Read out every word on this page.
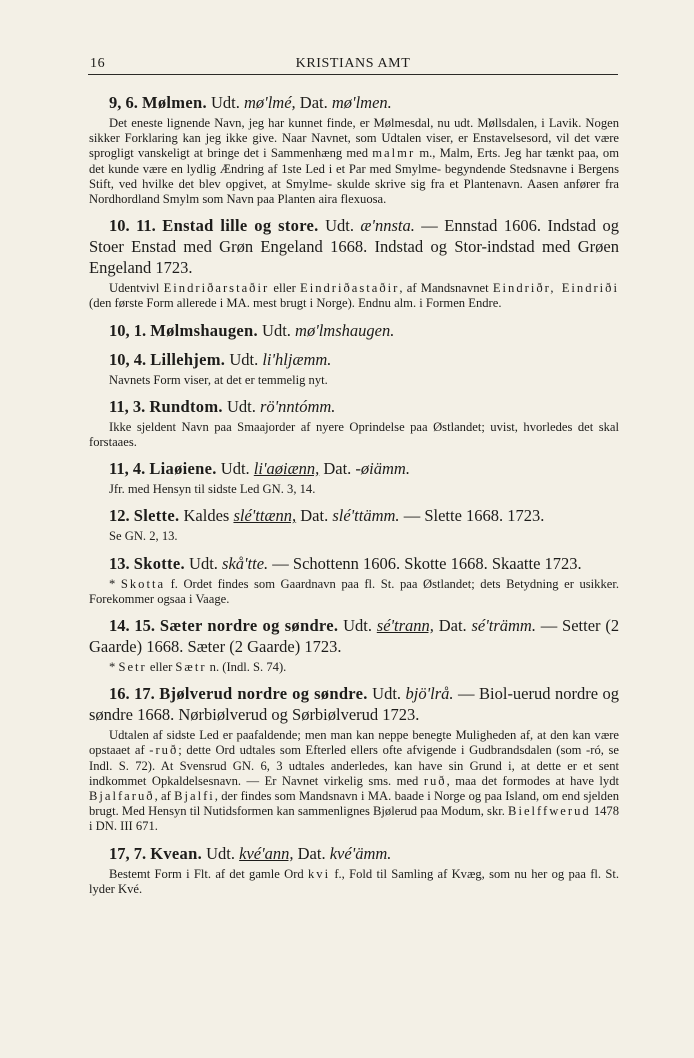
16	KRISTIANS AMT
9, 6. Mølmen. Udt. mø'lmé, Dat. mø'lmen.
Det eneste lignende Navn, jeg har kunnet finde, er Mølmesdal, nu udt. Møllsdalen, i Lavik. Nogen sikker Forklaring kan jeg ikke give. Naar Navnet, som Udtalen viser, er Enstavelsesord, vil det være sprogligt vanskeligt at bringe det i Sammenhæng med malmr m., Malm, Erts. Jeg har tænkt paa, om det kunde være en lydlig Ændring af 1ste Led i et Par med Smylme- begyndende Stedsnavne i Bergens Stift, ved hvilke det blev opgivet, at Smylme- skulde skrive sig fra et Plantenavn. Aasen anfører fra Nordhordland Smylm som Navn paa Planten aira flexuosa.
10. 11. Enstad lille og store. Udt. æ'nnsta. — Ennstad 1606. Indstad og Stoer Enstad med Grøn Engeland 1668. Indstad og Stor-indstad med Grøen Engeland 1723.
Udentvivl Eindriðarstaðir eller Eindriðastaðir, af Mandsnavnet Eindriðr, Eindriði (den første Form allerede i MA. mest brugt i Norge). Endnu alm. i Formen Endre.
10, 1. Mølmshaugen. Udt. mø'lmshaugen.
10, 4. Lillehjem. Udt. li'hljæmm.
Navnets Form viser, at det er temmelig nyt.
11, 3. Rundtom. Udt. rö'nntómm.
Ikke sjeldent Navn paa Smaajorder af nyere Oprindelse paa Østlandet; uvist, hvorledes det skal forstaaes.
11, 4. Liaøiene. Udt. li'aøiænn, Dat. -øiämm.
Jfr. med Hensyn til sidste Led GN. 3, 14.
12. Slette. Kaldes slé'ttænn, Dat. slé'ttämm. — Slette 1668. 1723.
Se GN. 2, 13.
13. Skotte. Udt. skå'tte. — Schottenn 1606. Skotte 1668. Skaatte 1723.
* Skotta f. Ordet findes som Gaardnavn paa fl. St. paa Østlandet; dets Betydning er usikker. Forekommer ogsaa i Vaage.
14. 15. Sæter nordre og søndre. Udt. sé'trann, Dat. sé'trämm. — Setter (2 Gaarde) 1668. Sæter (2 Gaarde) 1723.
* Setr eller Sætr n. (Indl. S. 74).
16. 17. Bjølverud nordre og søndre. Udt. bjö'lrå. — Biol-uerud nordre og søndre 1668. Nørbiølverud og Sørbiølverud 1723.
Udtalen af sidste Led er paafaldende; men man kan neppe benegte Muligheden af, at den kan være opstaaet af -ruð; dette Ord udtales som Efterled ellers ofte afvigende i Gudbrandsdalen (som -ró, se Indl. S. 72). At Svensrud GN. 6, 3 udtales anderledes, kan have sin Grund i, at dette er et sent indkommet Opkaldelsesnavn. — Er Navnet virkelig sms. med ruð, maa det formodes at have lydt Bjalfaruð, af Bjalfi, der findes som Mandsnavn i MA. baade i Norge og paa Island, om end sjelden brugt. Med Hensyn til Nutidsformen kan sammenlignes Bjølerud paa Modum, skr. Bielffwerud 1478 i DN. III 671.
17, 7. Kvean. Udt. kvé'ann, Dat. kvé'ämm.
Bestemt Form i Flt. af det gamle Ord kvi f., Fold til Samling af Kvæg, som nu her og paa fl. St. lyder Kvé.
